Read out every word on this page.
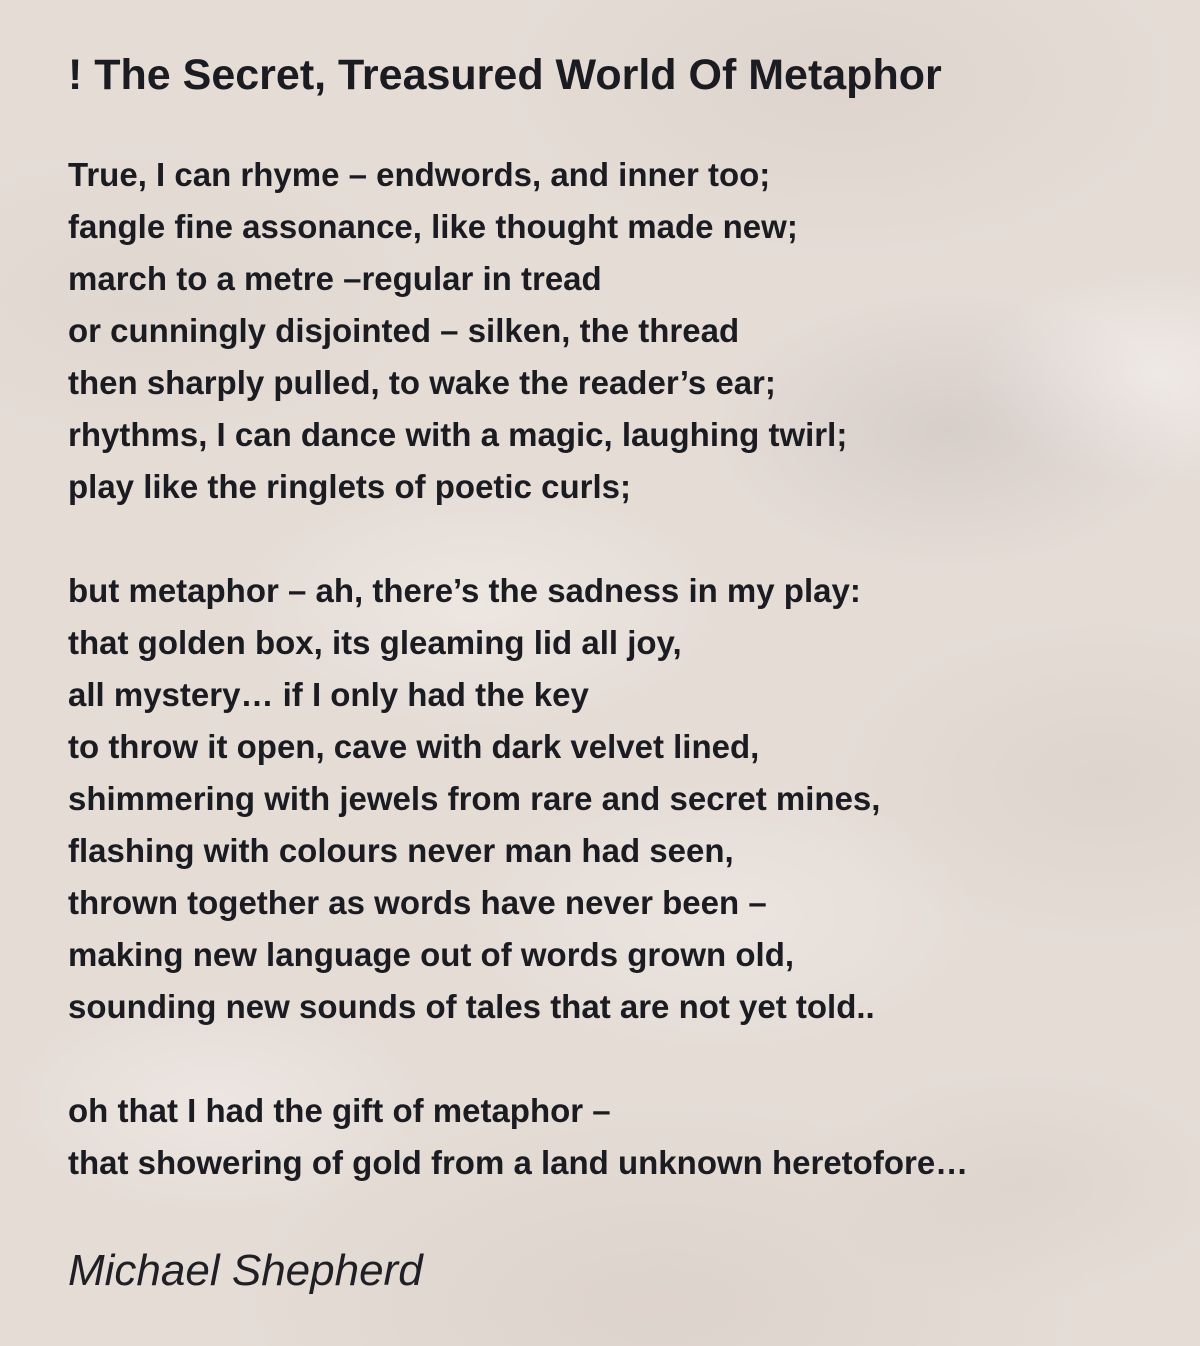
! The Secret, Treasured World Of Metaphor
True, I can rhyme – endwords, and inner too;
fangle fine assonance, like thought made new;
march to a metre –regular in tread
or cunningly disjointed – silken, the thread
then sharply pulled, to wake the reader’s ear;
rhythms, I can dance with a magic, laughing twirl;
play like the ringlets of poetic curls;
but metaphor – ah, there’s the sadness in my play:
that golden box, its gleaming lid all joy,
all mystery… if I only had the key
to throw it open, cave with dark velvet lined,
shimmering with jewels from rare and secret mines,
flashing with colours never man had seen,
thrown together as words have never been –
making new language out of words grown old,
sounding new sounds of tales that are not yet told..
oh that I had the gift of metaphor –
that showering of gold from a land unknown heretofore…
Michael Shepherd
